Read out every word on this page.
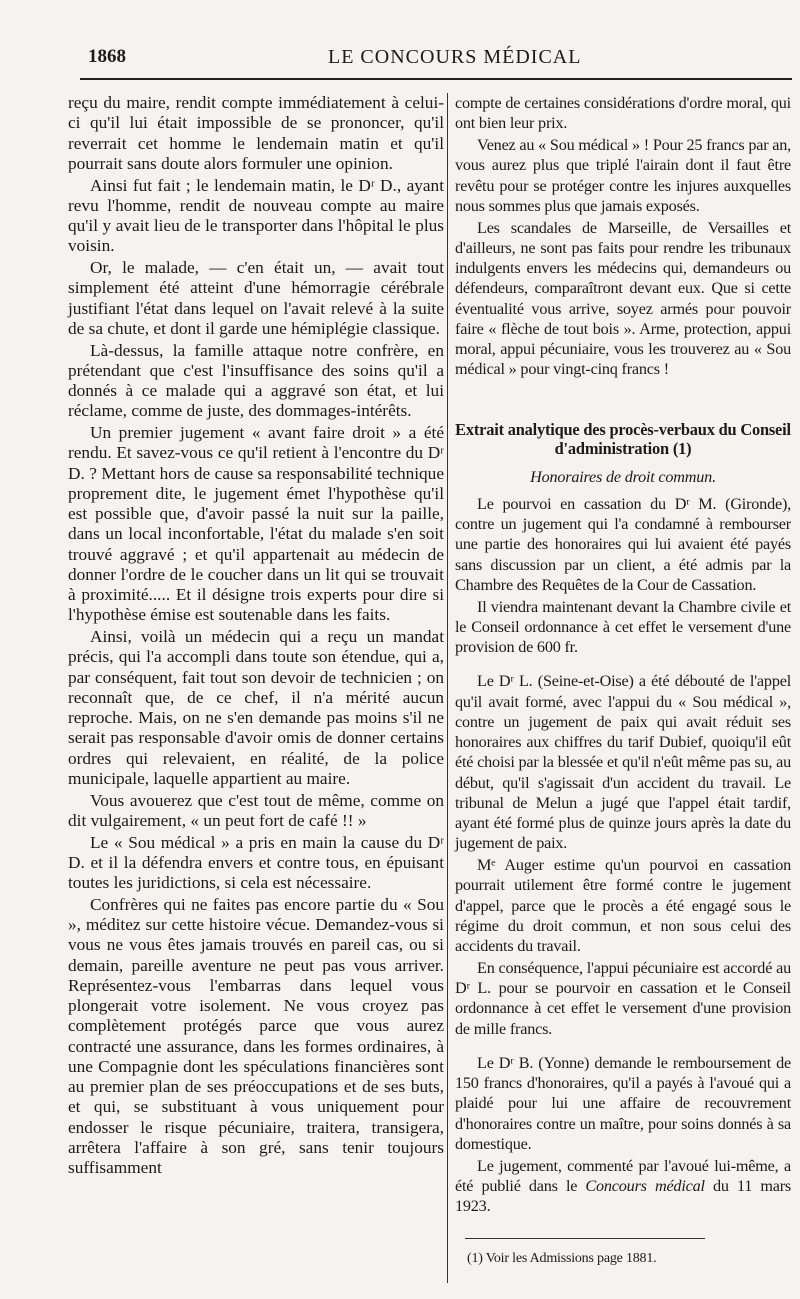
1868	LE CONCOURS MÉDICAL

reçu du maire, rendit compte immédiatement à celui-ci qu'il lui était impossible de se prononcer, qu'il reverrait cet homme le lendemain matin et qu'il pourrait sans doute alors formuler une opinion.

Ainsi fut fait ; le lendemain matin, le Dʳ D., ayant revu l'homme, rendit de nouveau compte au maire qu'il y avait lieu de le transporter dans l'hôpital le plus voisin.

Or, le malade, — c'en était un, — avait tout simplement été atteint d'une hémorragie cérébrale justifiant l'état dans lequel on l'avait relevé à la suite de sa chute, et dont il garde une hémiplégie classique.

Là-dessus, la famille attaque notre confrère, en prétendant que c'est l'insuffisance des soins qu'il a donnés à ce malade qui a aggravé son état, et lui réclame, comme de juste, des dommages-intérêts.

Un premier jugement « avant faire droit » a été rendu. Et savez-vous ce qu'il retient à l'encontre du Dʳ D. ? Mettant hors de cause sa responsabilité technique proprement dite, le jugement émet l'hypothèse qu'il est possible que, d'avoir passé la nuit sur la paille, dans un local inconfortable, l'état du malade s'en soit trouvé aggravé ; et qu'il appartenait au médecin de donner l'ordre de le coucher dans un lit qui se trouvait à proximité..... Et il désigne trois experts pour dire si l'hypothèse émise est soutenable dans les faits.

Ainsi, voilà un médecin qui a reçu un mandat précis, qui l'a accompli dans toute son étendue, qui a, par conséquent, fait tout son devoir de technicien ; on reconnaît que, de ce chef, il n'a mérité aucun reproche. Mais, on ne s'en demande pas moins s'il ne serait pas responsable d'avoir omis de donner certains ordres qui relevaient, en réalité, de la police municipale, laquelle appartient au maire.

Vous avouerez que c'est tout de même, comme on dit vulgairement, « un peut fort de café !! »

Le « Sou médical » a pris en main la cause du Dʳ D. et il la défendra envers et contre tous, en épuisant toutes les juridictions, si cela est nécessaire.

Confrères qui ne faites pas encore partie du « Sou », méditez sur cette histoire vécue. Demandez-vous si vous ne vous êtes jamais trouvés en pareil cas, ou si demain, pareille aventure ne peut pas vous arriver. Représentez-vous l'embarras dans lequel vous plongerait votre isolement. Ne vous croyez pas complètement protégés parce que vous aurez contracté une assurance, dans les formes ordinaires, à une Compagnie dont les spéculations financières sont au premier plan de ses préoccupations et de ses buts, et qui, se substituant à vous uniquement pour endosser le risque pécuniaire, traitera, transigera, arrêtera l'affaire à son gré, sans tenir toujours suffisamment

compte de certaines considérations d'ordre moral, qui ont bien leur prix.

Venez au « Sou médical » ! Pour 25 francs par an, vous aurez plus que triplé l'airain dont il faut être revêtu pour se protéger contre les injures auxquelles nous sommes plus que jamais exposés.

Les scandales de Marseille, de Versailles et d'ailleurs, ne sont pas faits pour rendre les tribunaux indulgents envers les médecins qui, demandeurs ou défendeurs, comparaîtront devant eux. Que si cette éventualité vous arrive, soyez armés pour pouvoir faire « flèche de tout bois ». Arme, protection, appui moral, appui pécuniaire, vous les trouverez au « Sou médical » pour vingt-cinq francs !

Extrait analytique des procès-verbaux du Conseil d'administration (1)

Honoraires de droit commun.

Le pourvoi en cassation du Dʳ M. (Gironde), contre un jugement qui l'a condamné à rembourser une partie des honoraires qui lui avaient été payés sans discussion par un client, a été admis par la Chambre des Requêtes de la Cour de Cassation.

Il viendra maintenant devant la Chambre civile et le Conseil ordonnance à cet effet le versement d'une provision de 600 fr.

Le Dʳ L. (Seine-et-Oise) a été débouté de l'appel qu'il avait formé, avec l'appui du « Sou médical », contre un jugement de paix qui avait réduit ses honoraires aux chiffres du tarif Dubief, quoiqu'il eût été choisi par la blessée et qu'il n'eût même pas su, au début, qu'il s'agissait d'un accident du travail. Le tribunal de Melun a jugé que l'appel était tardif, ayant été formé plus de quinze jours après la date du jugement de paix.

Mᵉ Auger estime qu'un pourvoi en cassation pourrait utilement être formé contre le jugement d'appel, parce que le procès a été engagé sous le régime du droit commun, et non sous celui des accidents du travail.

En conséquence, l'appui pécuniaire est accordé au Dʳ L. pour se pourvoir en cassation et le Conseil ordonnance à cet effet le versement d'une provision de mille francs.

Le Dʳ B. (Yonne) demande le remboursement de 150 francs d'honoraires, qu'il a payés à l'avoué qui a plaidé pour lui une affaire de recouvrement d'honoraires contre un maître, pour soins donnés à sa domestique.

Le jugement, commenté par l'avoué lui-même, a été publié dans le Concours médical du 11 mars 1923.

(1) Voir les Admissions page 1881.
